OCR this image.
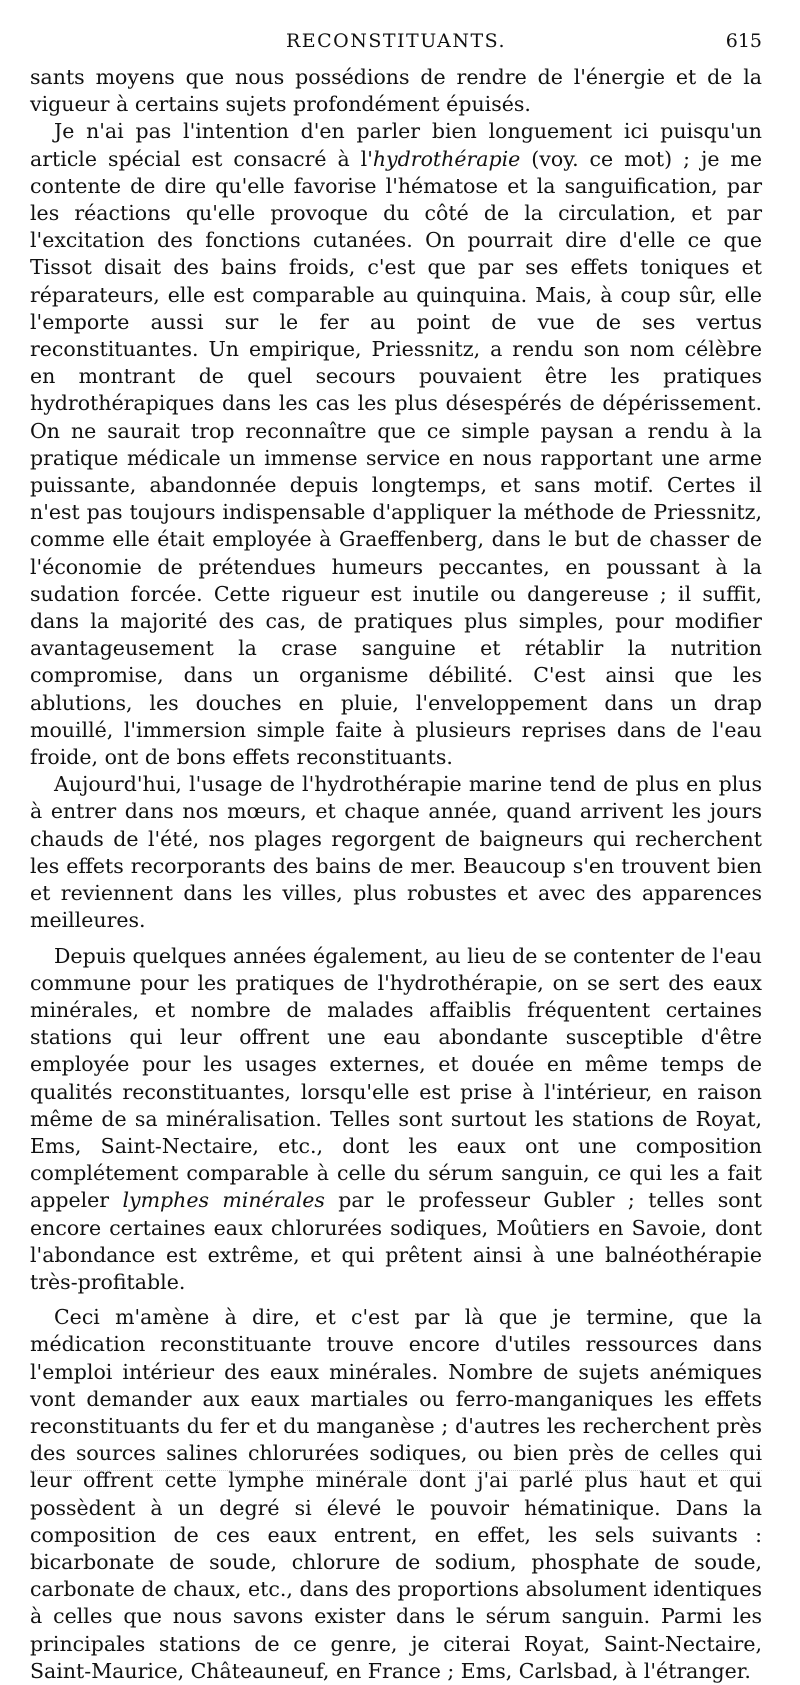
RECONSTITUANTS.	615

sants moyens que nous possédions de rendre de l'énergie et de la vigueur à certains sujets profondément épuisés.

Je n'ai pas l'intention d'en parler bien longuement ici puisqu'un article spécial est consacré à l'hydrothérapie (voy. ce mot) ; je me contente de dire qu'elle favorise l'hématose et la sanguification, par les réactions qu'elle provoque du côté de la circulation, et par l'excitation des fonctions cutanées. On pourrait dire d'elle ce que Tissot disait des bains froids, c'est que par ses effets toniques et réparateurs, elle est comparable au quinquina. Mais, à coup sûr, elle l'emporte aussi sur le fer au point de vue de ses vertus reconstituantes. Un empirique, Priessnitz, a rendu son nom célèbre en montrant de quel secours pouvaient être les pratiques hydrothérapiques dans les cas les plus désespérés de dépérissement. On ne saurait trop reconnaître que ce simple paysan a rendu à la pratique médicale un immense service en nous rapportant une arme puissante, abandonnée depuis longtemps, et sans motif. Certes il n'est pas toujours indispensable d'appliquer la méthode de Priessnitz, comme elle était employée à Graeffenberg, dans le but de chasser de l'économie de prétendues humeurs peccantes, en poussant à la sudation forcée. Cette rigueur est inutile ou dangereuse ; il suffit, dans la majorité des cas, de pratiques plus simples, pour modifier avantageusement la crase sanguine et rétablir la nutrition compromise, dans un organisme débilité. C'est ainsi que les ablutions, les douches en pluie, l'enveloppement dans un drap mouillé, l'immersion simple faite à plusieurs reprises dans de l'eau froide, ont de bons effets reconstituants.

Aujourd'hui, l'usage de l'hydrothérapie marine tend de plus en plus à entrer dans nos mœurs, et chaque année, quand arrivent les jours chauds de l'été, nos plages regorgent de baigneurs qui recherchent les effets recorporants des bains de mer. Beaucoup s'en trouvent bien et reviennent dans les villes, plus robustes et avec des apparences meilleures.

Depuis quelques années également, au lieu de se contenter de l'eau commune pour les pratiques de l'hydrothérapie, on se sert des eaux minérales, et nombre de malades affaiblis fréquentent certaines stations qui leur offrent une eau abondante susceptible d'être employée pour les usages externes, et douée en même temps de qualités reconstituantes, lorsqu'elle est prise à l'intérieur, en raison même de sa minéralisation. Telles sont surtout les stations de Royat, Ems, Saint-Nectaire, etc., dont les eaux ont une composition complétement comparable à celle du sérum sanguin, ce qui les a fait appeler lymphes minérales par le professeur Gubler ; telles sont encore certaines eaux chlorurées sodiques, Moûtiers en Savoie, dont l'abondance est extrême, et qui prêtent ainsi à une balnéothérapie très-profitable.

Ceci m'amène à dire, et c'est par là que je termine, que la médication reconstituante trouve encore d'utiles ressources dans l'emploi intérieur des eaux minérales. Nombre de sujets anémiques vont demander aux eaux martiales ou ferro-manganiques les effets reconstituants du fer et du manganèse ; d'autres les recherchent près des sources salines chlorurées sodiques, ou bien près de celles qui leur offrent cette lymphe minérale dont j'ai parlé plus haut et qui possèdent à un degré si élevé le pouvoir hématinique. Dans la composition de ces eaux entrent, en effet, les sels suivants : bicarbonate de soude, chlorure de sodium, phosphate de soude, carbonate de chaux, etc., dans des proportions absolument identiques à celles que nous savons exister dans le sérum sanguin. Parmi les principales stations de ce genre, je citerai Royat, Saint-Nectaire, Saint-Maurice, Châteauneuf, en France ; Ems, Carlsbad, à l'étranger.
